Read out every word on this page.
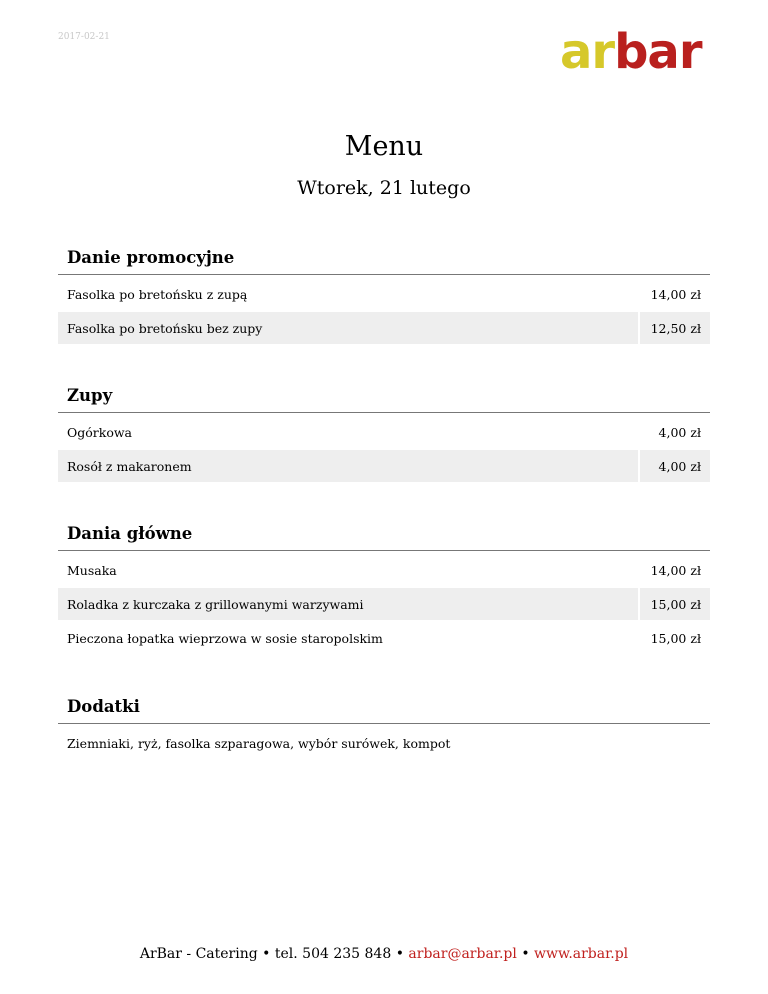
2017-02-21	arbar
Menu
Wtorek, 21 lutego
Danie promocyjne
Fasolka po bretońsku z zupą	14,00 zł
Fasolka po bretońsku bez zupy	12,50 zł
Zupy
Ogórkowa	4,00 zł
Rosół z makaronem	4,00 zł
Dania główne
Musaka	14,00 zł
Roladka z kurczaka z grillowanymi warzywami	15,00 zł
Pieczona łopatka wieprzowa w sosie staropolskim	15,00 zł
Dodatki
Ziemniaki, ryż, fasolka szparagowa, wybór surówek, kompot
ArBar - Catering • tel. 504 235 848 • arbar@arbar.pl • www.arbar.pl
